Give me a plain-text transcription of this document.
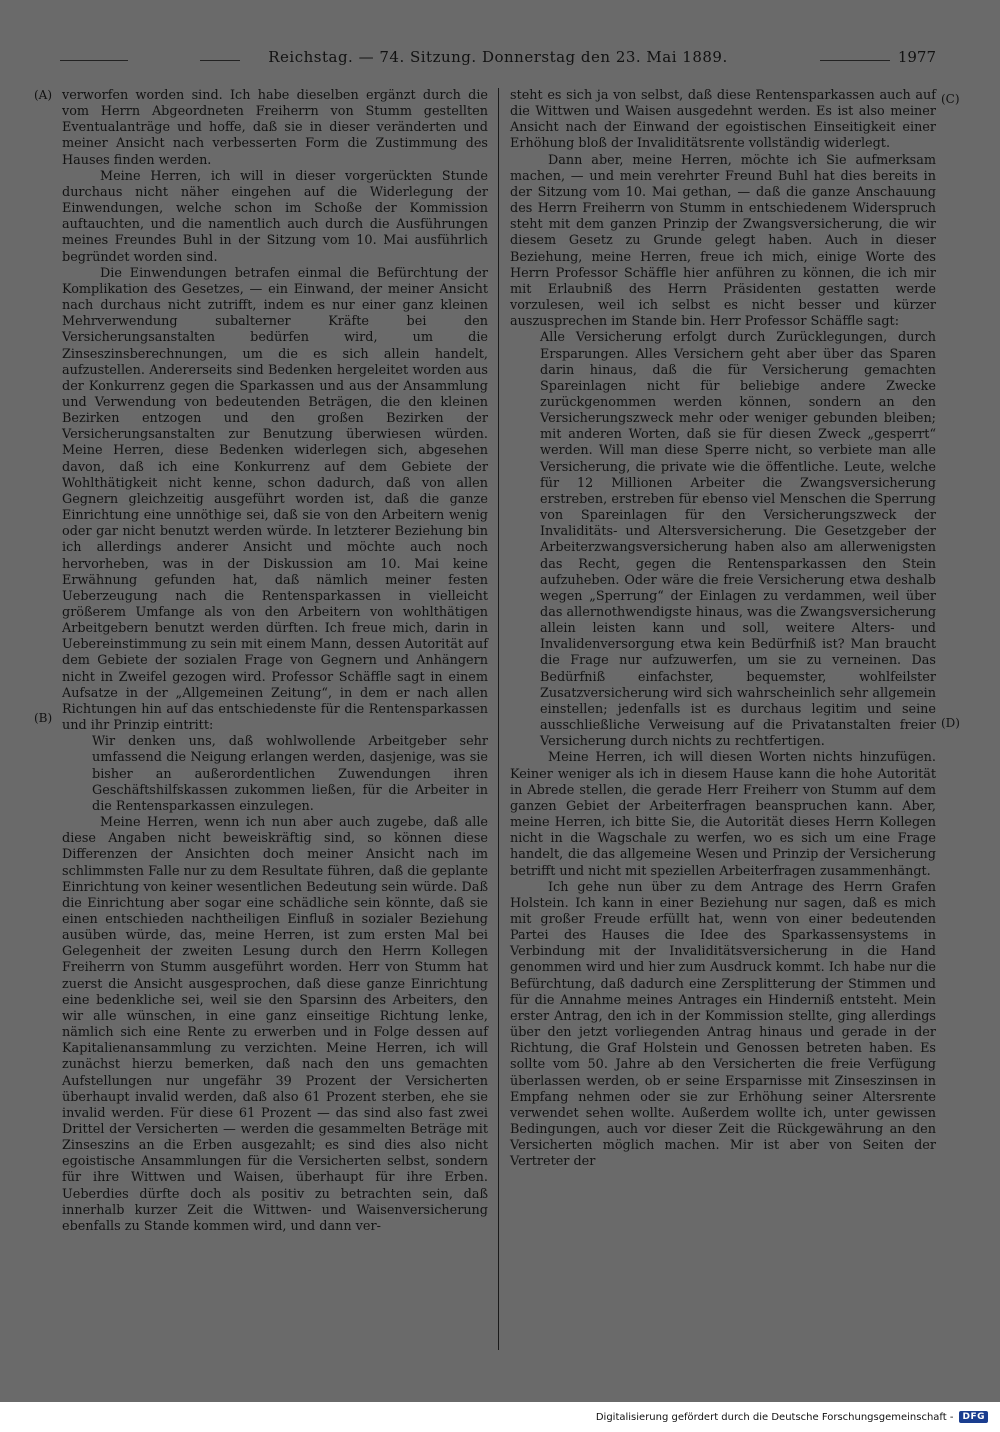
Reichstag. — 74. Sitzung. Donnerstag den 23. Mai 1889.	1977
(A)
(B)
(C)
(D)

verworfen worden sind. Ich habe dieselben ergänzt durch die vom Herrn Abgeordneten Freiherrn von Stumm gestellten Eventualanträge und hoffe, daß sie in dieser veränderten und meiner Ansicht nach verbesserten Form die Zustimmung des Hauses finden werden.

Meine Herren, ich will in dieser vorgerückten Stunde durchaus nicht näher eingehen auf die Widerlegung der Einwendungen, welche schon im Schoße der Kommission auftauchten, und die namentlich auch durch die Ausführungen meines Freundes Buhl in der Sitzung vom 10. Mai ausführlich begründet worden sind.

Die Einwendungen betrafen einmal die Befürchtung der Komplikation des Gesetzes, — ein Einwand, der meiner Ansicht nach durchaus nicht zutrifft, indem es nur einer ganz kleinen Mehrverwendung subalterner Kräfte bei den Versicherungsanstalten bedürfen wird, um die Zinseszinsberechnungen, um die es sich allein handelt, aufzustellen. Andererseits sind Bedenken hergeleitet worden aus der Konkurrenz gegen die Sparkassen und aus der Ansammlung und Verwendung von bedeutenden Beträgen, die den kleinen Bezirken entzogen und den großen Bezirken der Versicherungsanstalten zur Benutzung überwiesen würden. Meine Herren, diese Bedenken widerlegen sich, abgesehen davon, daß ich eine Konkurrenz auf dem Gebiete der Wohlthätigkeit nicht kenne, schon dadurch, daß von allen Gegnern gleichzeitig ausgeführt worden ist, daß die ganze Einrichtung eine unnöthige sei, daß sie von den Arbeitern wenig oder gar nicht benutzt werden würde. In letzterer Beziehung bin ich allerdings anderer Ansicht und möchte auch noch hervorheben, was in der Diskussion am 10. Mai keine Erwähnung gefunden hat, daß nämlich meiner festen Ueberzeugung nach die Rentensparkassen in vielleicht größerem Umfange als von den Arbeitern von wohlthätigen Arbeitgebern benutzt werden dürften. Ich freue mich, darin in Uebereinstimmung zu sein mit einem Mann, dessen Autorität auf dem Gebiete der sozialen Frage von Gegnern und Anhängern nicht in Zweifel gezogen wird. Professor Schäffle sagt in einem Aufsatze in der „Allgemeinen Zeitung“, in dem er nach allen Richtungen hin auf das entschiedenste für die Rentensparkassen und ihr Prinzip eintritt:

Wir denken uns, daß wohlwollende Arbeitgeber sehr umfassend die Neigung erlangen werden, dasjenige, was sie bisher an außerordentlichen Zuwendungen ihren Geschäftshilfskassen zukommen ließen, für die Arbeiter in die Rentensparkassen einzulegen.

Meine Herren, wenn ich nun aber auch zugebe, daß alle diese Angaben nicht beweiskräftig sind, so können diese Differenzen der Ansichten doch meiner Ansicht nach im schlimmsten Falle nur zu dem Resultate führen, daß die geplante Einrichtung von keiner wesentlichen Bedeutung sein würde. Daß die Einrichtung aber sogar eine schädliche sein könnte, daß sie einen entschieden nachtheiligen Einfluß in sozialer Beziehung ausüben würde, das, meine Herren, ist zum ersten Mal bei Gelegenheit der zweiten Lesung durch den Herrn Kollegen Freiherrn von Stumm ausgeführt worden. Herr von Stumm hat zuerst die Ansicht ausgesprochen, daß diese ganze Einrichtung eine bedenkliche sei, weil sie den Sparsinn des Arbeiters, den wir alle wünschen, in eine ganz einseitige Richtung lenke, nämlich sich eine Rente zu erwerben und in Folge dessen auf Kapitalienansammlung zu verzichten. Meine Herren, ich will zunächst hierzu bemerken, daß nach den uns gemachten Aufstellungen nur ungefähr 39 Prozent der Versicherten überhaupt invalid werden, daß also 61 Prozent sterben, ehe sie invalid werden. Für diese 61 Prozent — das sind also fast zwei Drittel der Versicherten — werden die gesammelten Beträge mit Zinseszins an die Erben ausgezahlt; es sind dies also nicht egoistische Ansammlungen für die Versicherten selbst, sondern für ihre Wittwen und Waisen, überhaupt für ihre Erben. Ueberdies dürfte doch als positiv zu betrachten sein, daß innerhalb kurzer Zeit die Wittwen- und Waisenversicherung ebenfalls zu Stande kommen wird, und dann ver-

steht es sich ja von selbst, daß diese Rentensparkassen auch auf die Wittwen und Waisen ausgedehnt werden. Es ist also meiner Ansicht nach der Einwand der egoistischen Einseitigkeit einer Erhöhung bloß der Invaliditätsrente vollständig widerlegt.

Dann aber, meine Herren, möchte ich Sie aufmerksam machen, — und mein verehrter Freund Buhl hat dies bereits in der Sitzung vom 10. Mai gethan, — daß die ganze Anschauung des Herrn Freiherrn von Stumm in entschiedenem Widerspruch steht mit dem ganzen Prinzip der Zwangsversicherung, die wir diesem Gesetz zu Grunde gelegt haben. Auch in dieser Beziehung, meine Herren, freue ich mich, einige Worte des Herrn Professor Schäffle hier anführen zu können, die ich mir mit Erlaubniß des Herrn Präsidenten gestatten werde vorzulesen, weil ich selbst es nicht besser und kürzer auszusprechen im Stande bin. Herr Professor Schäffle sagt:

Alle Versicherung erfolgt durch Zurücklegungen, durch Ersparungen. Alles Versichern geht aber über das Sparen darin hinaus, daß die für Versicherung gemachten Spareinlagen nicht für beliebige andere Zwecke zurückgenommen werden können, sondern an den Versicherungszweck mehr oder weniger gebunden bleiben; mit anderen Worten, daß sie für diesen Zweck „gesperrt“ werden. Will man diese Sperre nicht, so verbiete man alle Versicherung, die private wie die öffentliche. Leute, welche für 12 Millionen Arbeiter die Zwangsversicherung erstreben, erstreben für ebenso viel Menschen die Sperrung von Spareinlagen für den Versicherungszweck der Invaliditäts- und Altersversicherung. Die Gesetzgeber der Arbeiterzwangsversicherung haben also am allerwenigsten das Recht, gegen die Rentensparkassen den Stein aufzuheben. Oder wäre die freie Versicherung etwa deshalb wegen „Sperrung“ der Einlagen zu verdammen, weil über das allernothwendigste hinaus, was die Zwangsversicherung allein leisten kann und soll, weitere Alters- und Invalidenversorgung etwa kein Bedürfniß ist? Man braucht die Frage nur aufzuwerfen, um sie zu verneinen. Das Bedürfniß einfachster, bequemster, wohlfeilster Zusatzversicherung wird sich wahrscheinlich sehr allgemein einstellen; jedenfalls ist es durchaus legitim und seine ausschließliche Verweisung auf die Privatanstalten freier Versicherung durch nichts zu rechtfertigen.

Meine Herren, ich will diesen Worten nichts hinzufügen. Keiner weniger als ich in diesem Hause kann die hohe Autorität in Abrede stellen, die gerade Herr Freiherr von Stumm auf dem ganzen Gebiet der Arbeiterfragen beanspruchen kann. Aber, meine Herren, ich bitte Sie, die Autorität dieses Herrn Kollegen nicht in die Wagschale zu werfen, wo es sich um eine Frage handelt, die das allgemeine Wesen und Prinzip der Versicherung betrifft und nicht mit speziellen Arbeiterfragen zusammenhängt.

Ich gehe nun über zu dem Antrage des Herrn Grafen Holstein. Ich kann in einer Beziehung nur sagen, daß es mich mit großer Freude erfüllt hat, wenn von einer bedeutenden Partei des Hauses die Idee des Sparkassensystems in Verbindung mit der Invaliditätsversicherung in die Hand genommen wird und hier zum Ausdruck kommt. Ich habe nur die Befürchtung, daß dadurch eine Zersplitterung der Stimmen und für die Annahme meines Antrages ein Hinderniß entsteht. Mein erster Antrag, den ich in der Kommission stellte, ging allerdings über den jetzt vorliegenden Antrag hinaus und gerade in der Richtung, die Graf Holstein und Genossen betreten haben. Es sollte vom 50. Jahre ab den Versicherten die freie Verfügung überlassen werden, ob er seine Ersparnisse mit Zinseszinsen in Empfang nehmen oder sie zur Erhöhung seiner Altersrente verwendet sehen wollte. Außerdem wollte ich, unter gewissen Bedingungen, auch vor dieser Zeit die Rückgewährung an den Versicherten möglich machen. Mir ist aber von Seiten der Vertreter der

Digitalisierung gefördert durch die Deutsche Forschungsgemeinschaft -	DFG
